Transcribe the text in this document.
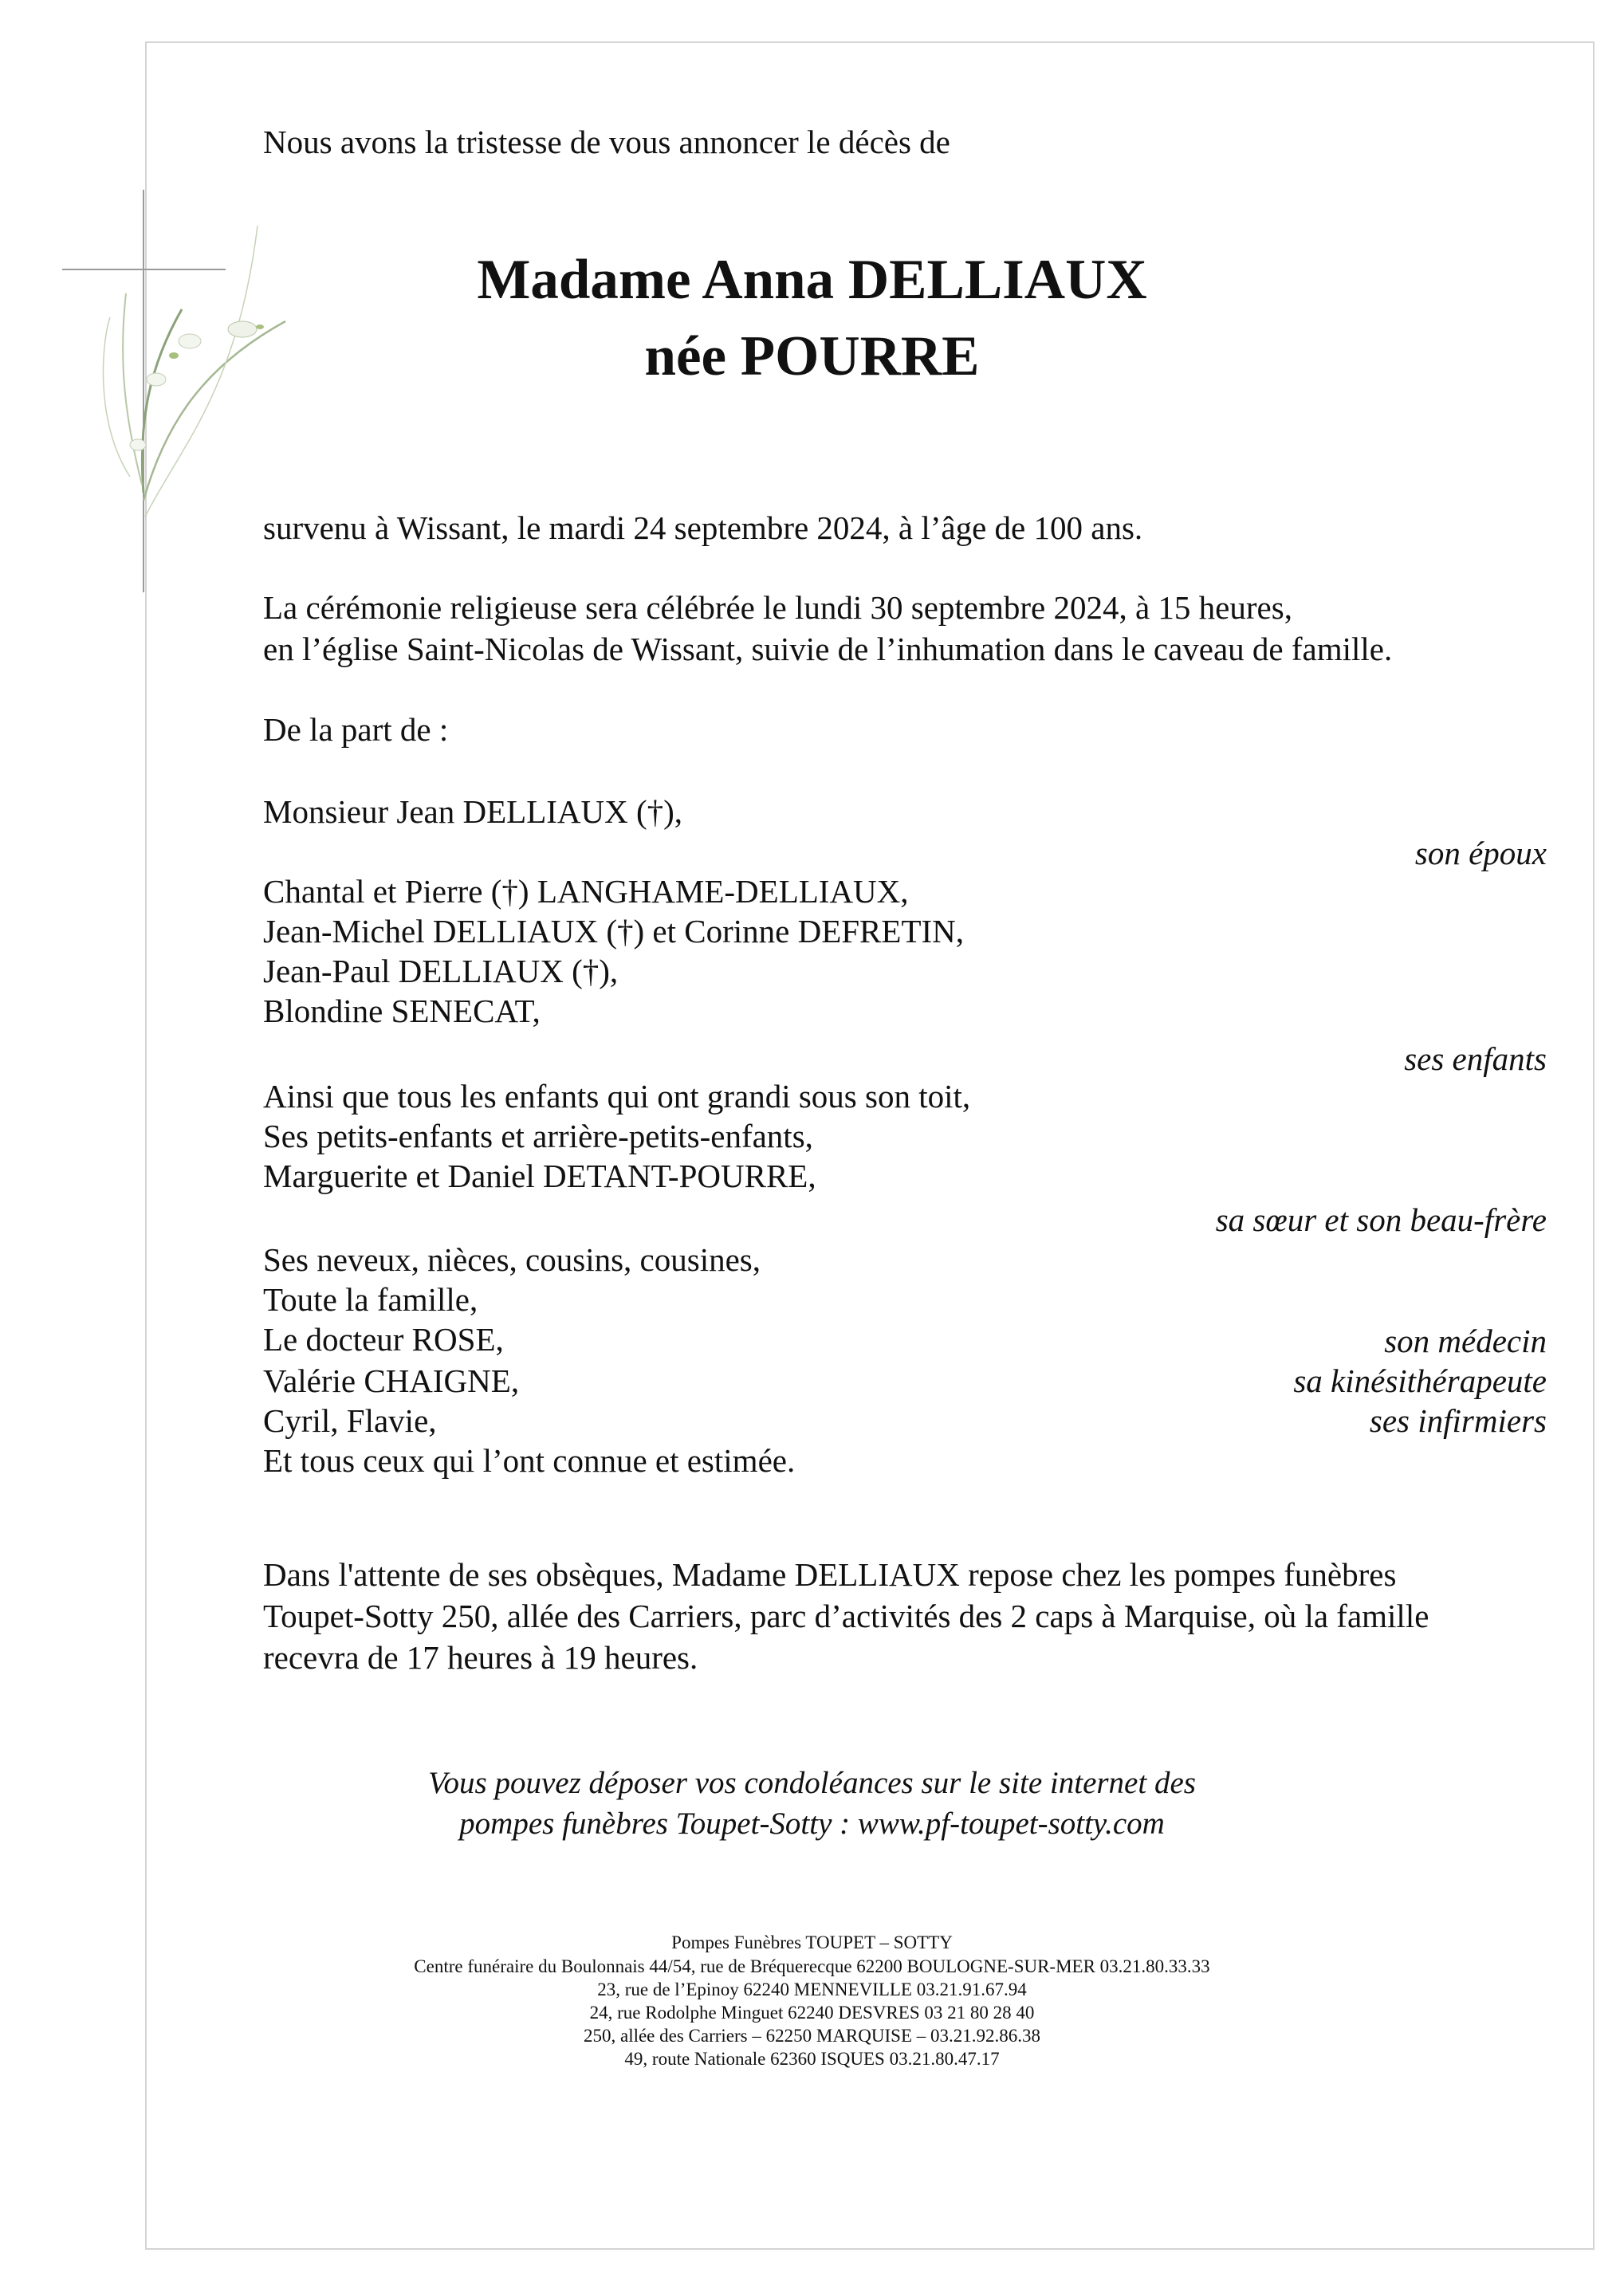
Nous avons la tristesse de vous annoncer le décès de
Madame Anna DELLIAUX
née POURRE
survenu à Wissant, le mardi 24 septembre 2024, à l’âge de 100 ans.
La cérémonie religieuse sera célébrée le lundi 30 septembre 2024, à 15 heures,
en l’église Saint-Nicolas de Wissant, suivie de l’inhumation dans le caveau de famille.
De la part de :
Monsieur Jean DELLIAUX (†),
son époux
Chantal et Pierre (†) LANGHAME-DELLIAUX,
Jean-Michel DELLIAUX (†) et Corinne DEFRETIN,
Jean-Paul DELLIAUX (†),
Blondine SENECAT,
ses enfants
Ainsi que tous les enfants qui ont grandi sous son toit,
Ses petits-enfants et arrière-petits-enfants,
Marguerite et Daniel DETANT-POURRE,
sa sœur et son beau-frère
Ses neveux, nièces, cousins, cousines,
Toute la famille,
Le docteur ROSE,
Valérie CHAIGNE,
Cyril, Flavie,
Et tous ceux qui l’ont connue et estimée.
son médecin
sa kinésithérapeute
ses infirmiers
Dans l'attente de ses obsèques, Madame DELLIAUX repose chez les pompes funèbres
Toupet-Sotty 250, allée des Carriers, parc d’activités des 2 caps à Marquise, où la famille
recevra de 17 heures à 19 heures.
Vous pouvez déposer vos condoléances sur le site internet des
pompes funèbres Toupet-Sotty : www.pf-toupet-sotty.com
Pompes Funèbres TOUPET – SOTTY
Centre funéraire du Boulonnais 44/54, rue de Bréquerecque 62200 BOULOGNE-SUR-MER 03.21.80.33.33
23, rue de l’Epinoy 62240 MENNEVILLE 03.21.91.67.94
24, rue Rodolphe Minguet 62240 DESVRES 03 21 80 28 40
250, allée des Carriers – 62250 MARQUISE – 03.21.92.86.38
49, route Nationale 62360 ISQUES 03.21.80.47.17
